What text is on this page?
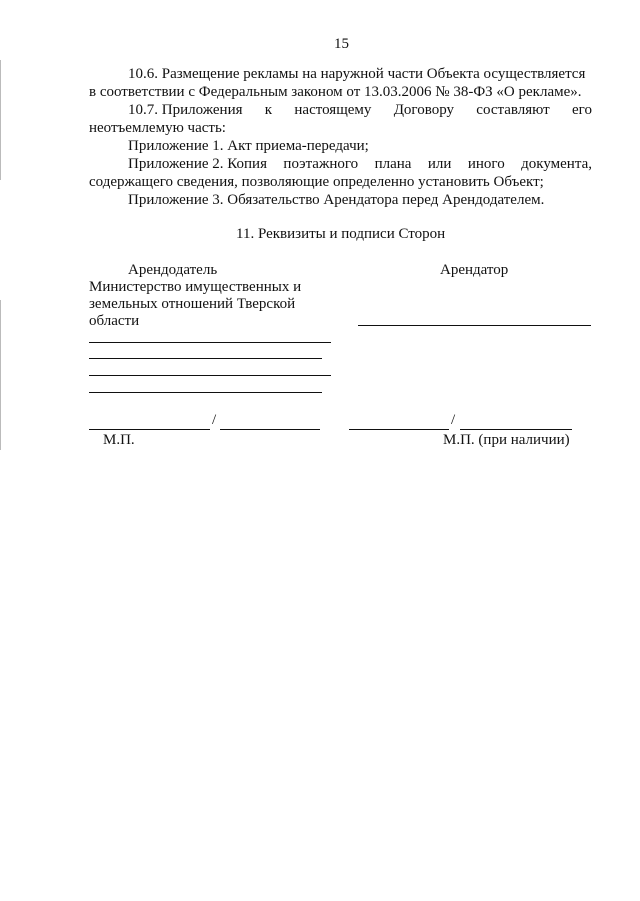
15
10.6. Размещение рекламы на наружной части Объекта осуществляется
в соответствии с Федеральным законом от 13.03.2006 № 38-ФЗ «О рекламе».
10.7. Приложения к настоящему Договору составляют его
неотъемлемую часть:
Приложение 1. Акт приема-передачи;
Приложение 2. Копия поэтажного плана или иного документа,
содержащего сведения, позволяющие определенно установить Объект;
Приложение 3. Обязательство Арендатора перед Арендодателем.
11. Реквизиты и подписи Сторон
Арендодатель
Министерство имущественных и
земельных отношений Тверской
области
/
М.П.
Арендатор
/
М.П. (при наличии)
